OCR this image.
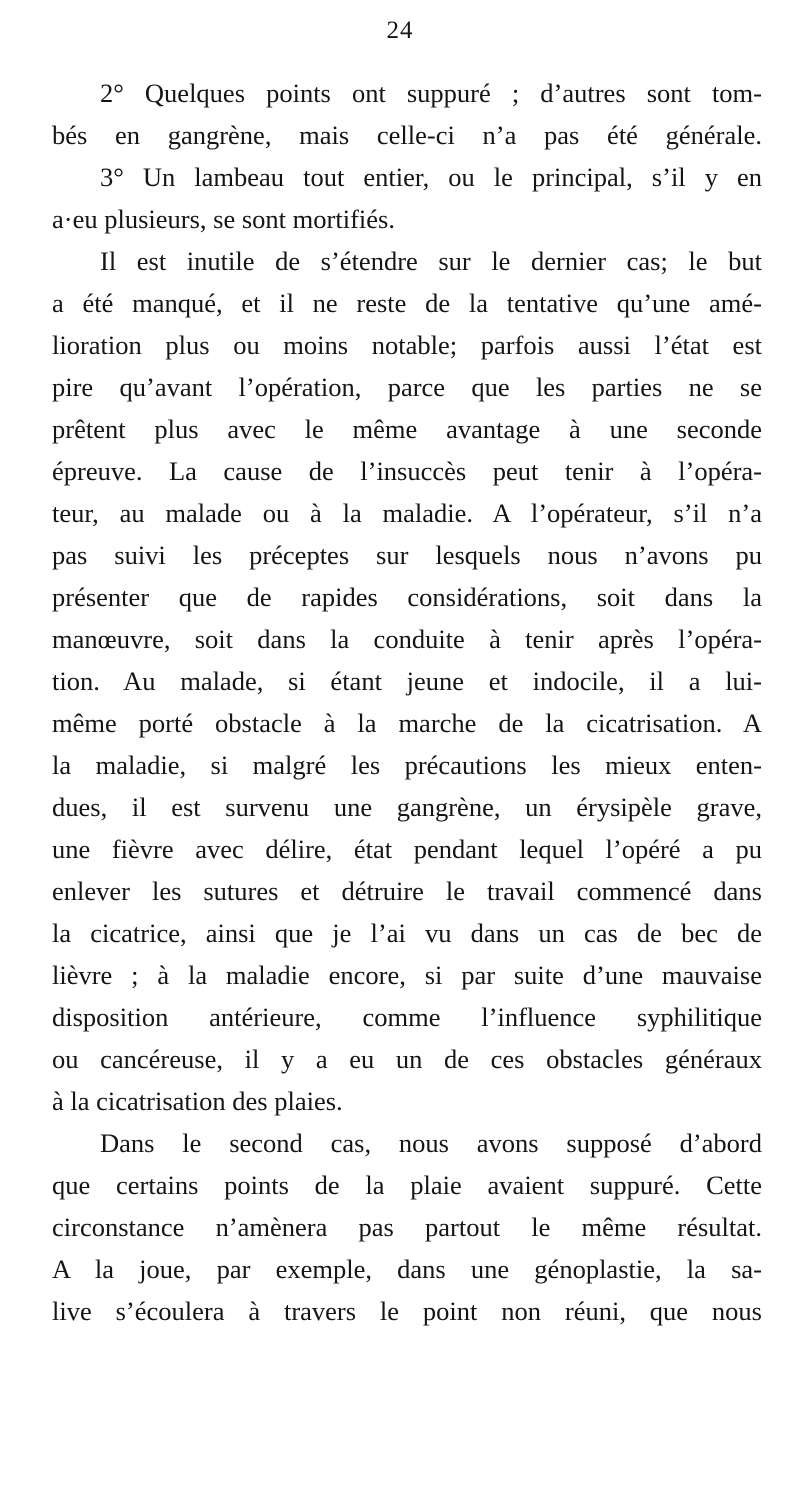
24
2° Quelques points ont suppuré ; d’autres sont tom-
bés en gangrène, mais celle-ci n’a pas été générale.
3° Un lambeau tout entier, ou le principal, s’il y en
a·eu plusieurs, se sont mortifiés.
Il est inutile de s’étendre sur le dernier cas; le but
a été manqué, et il ne reste de la tentative qu’une amé-
lioration plus ou moins notable; parfois aussi l’état est
pire qu’avant l’opération, parce que les parties ne se
prêtent plus avec le même avantage à une seconde
épreuve. La cause de l’insuccès peut tenir à l’opéra-
teur, au malade ou à la maladie. A l’opérateur, s’il n’a
pas suivi les préceptes sur lesquels nous n’avons pu
présenter que de rapides considérations, soit dans la
manœuvre, soit dans la conduite à tenir après l’opéra-
tion. Au malade, si étant jeune et indocile, il a lui-
même porté obstacle à la marche de la cicatrisation. A
la maladie, si malgré les précautions les mieux enten-
dues, il est survenu une gangrène, un érysipèle grave,
une fièvre avec délire, état pendant lequel l’opéré a pu
enlever les sutures et détruire le travail commencé dans
la cicatrice, ainsi que je l’ai vu dans un cas de bec de
lièvre ; à la maladie encore, si par suite d’une mauvaise
disposition antérieure, comme l’influence syphilitique
ou cancéreuse, il y a eu un de ces obstacles généraux
à la cicatrisation des plaies.
Dans le second cas, nous avons supposé d’abord
que certains points de la plaie avaient suppuré. Cette
circonstance n’amènera pas partout le même résultat.
A la joue, par exemple, dans une génoplastie, la sa-
live s’écoulera à travers le point non réuni, que nous
